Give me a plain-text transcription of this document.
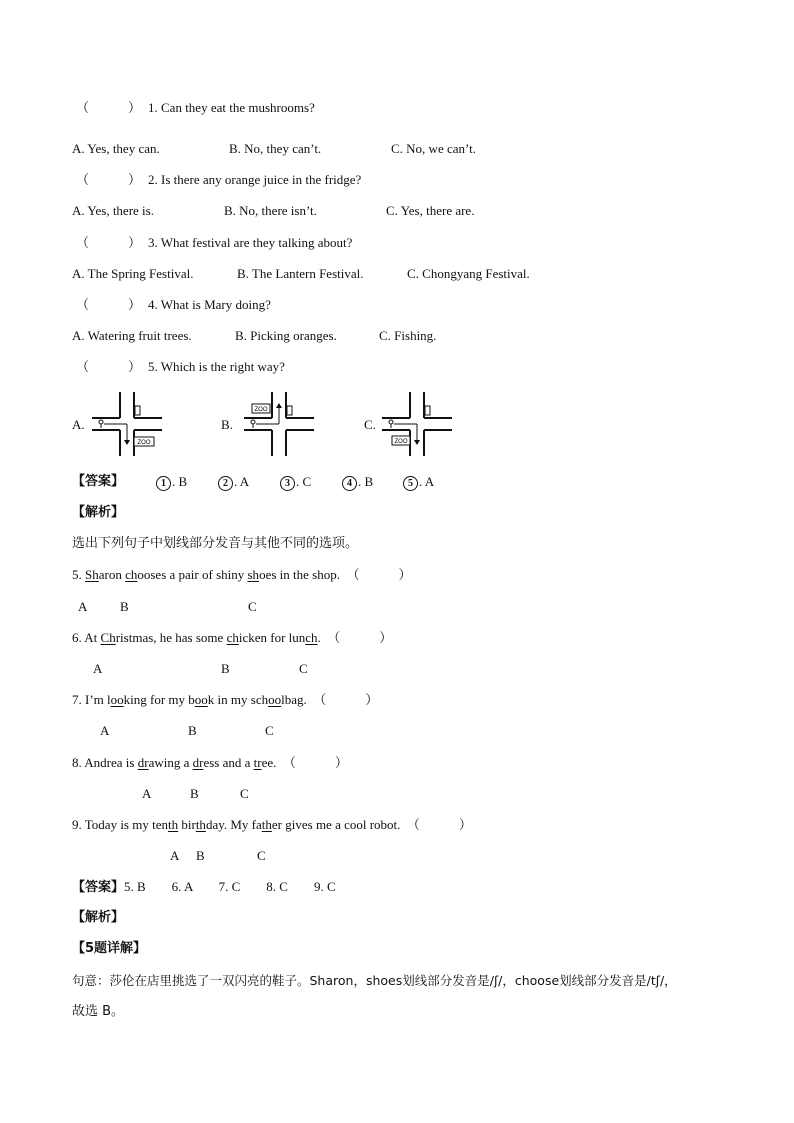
（　　　） 1. Can they eat the mushrooms?
A. Yes, they can.	B. No, they can’t.	C. No, we can’t.
（　　　） 2. Is there any orange juice in the fridge?
A. Yes, there is.	B. No, there isn’t.	C. Yes, there are.
（　　　） 3. What festival are they talking about?
A. The Spring Festival.	B. The Lantern Festival.	C. Chongyang Festival.
（　　　） 4. What is Mary doing?
A. Watering fruit trees.	B. Picking oranges.	C. Fishing.
（　　　） 5. Which is the right way?
A.
ZOO
B.
ZOO
C.
ZOO
【答案】	1 . B	2 . A	3 . C	4 . B	5 . A
【解析】
选出下列句子中划线部分发音与其他不同的选项。
5. Sharon chooses a pair of shiny shoes in the shop.  （　　　）
A	B	C
6. At Christmas, he has some chicken for lunch.  （　　　）
A	B	C
7. I’m looking for my book in my schoolbag.  （　　　）
A	B	C
8. Andrea is drawing a dress and a tree.  （　　　）
A	B	C
9. Today is my tenth birthday. My father gives me a cool robot.  （　　　）
A B	C
【答案】5. B　　6. A　　7. C　　8. C　　9. C
【解析】
【5题详解】
句意：莎伦在店里挑选了一双闪亮的鞋子。Sharon，shoes划线部分发音是/ʃ/，choose划线部分发音是/tʃ/，
故选 B。
